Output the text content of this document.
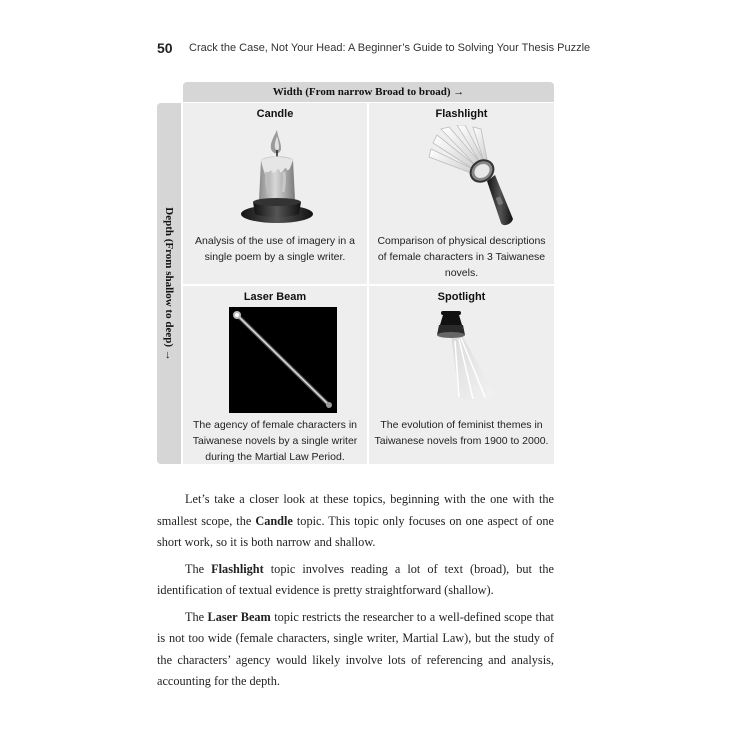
50 Crack the Case, Not Your Head: A Beginner’s Guide to Solving Your Thesis Puzzle
Width (From narrow Broad to broad) →
Depth (From shallow to deep) →
Candle
Analysis of the use of imagery in a single poem by a single writer.
Flashlight
Comparison of physical descriptions of female characters in 3 Taiwanese novels.
Laser Beam
The agency of female characters in Taiwanese novels by a single writer during the Martial Law Period.
Spotlight
The evolution of feminist themes in Taiwanese novels from 1900 to 2000.

Let’s take a closer look at these topics, beginning with the one with the smallest scope, the Candle topic. This topic only focuses on one aspect of one short work, so it is both narrow and shallow.

The Flashlight topic involves reading a lot of text (broad), but the identification of textual evidence is pretty straightforward (shallow).

The Laser Beam topic restricts the researcher to a well-defined scope that is not too wide (female characters, single writer, Martial Law), but the study of the characters’ agency would likely involve lots of referencing and analysis, accounting for the depth.
